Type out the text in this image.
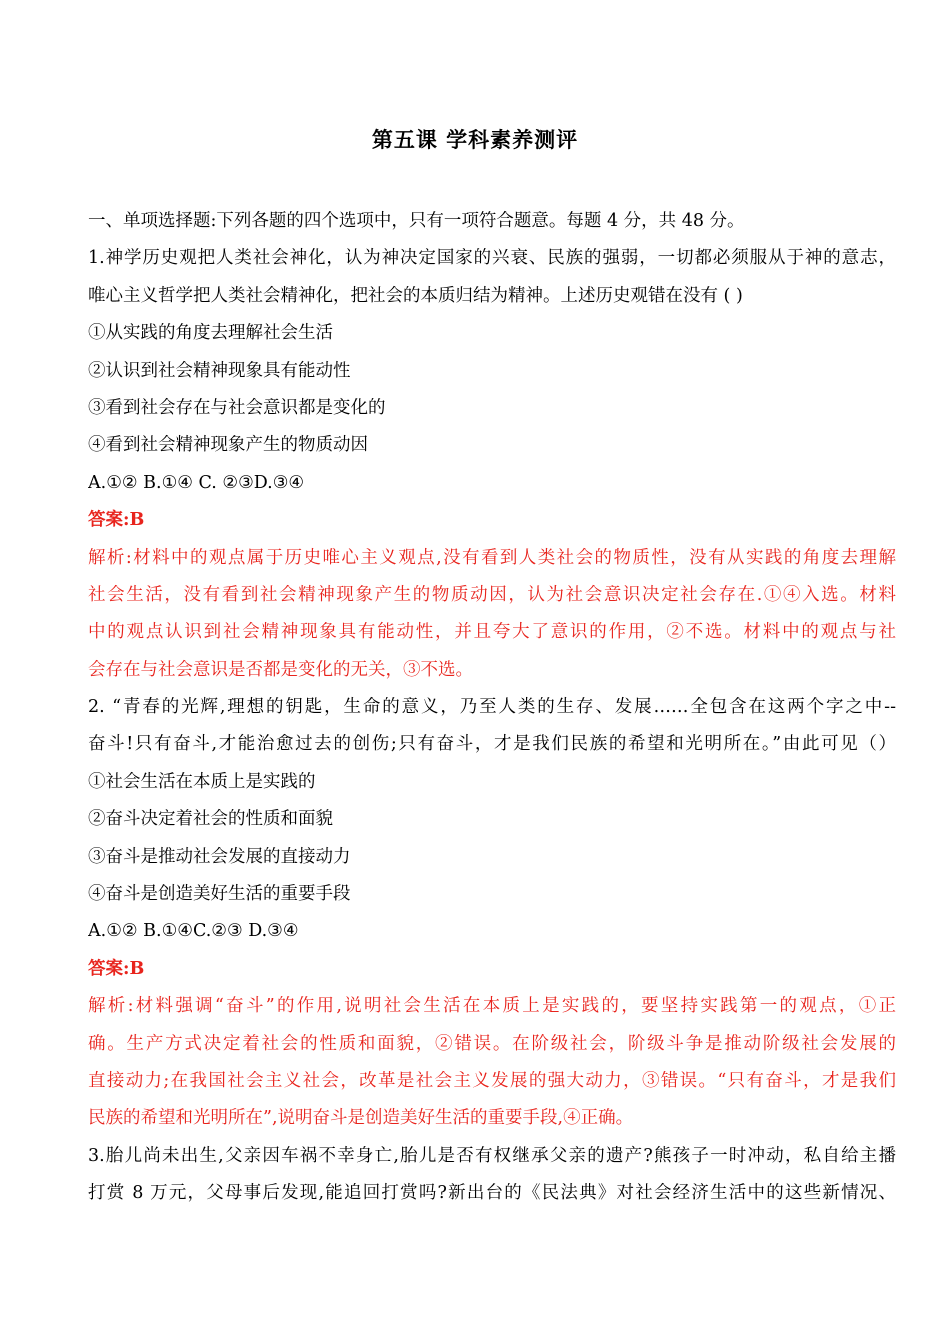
第五课 学科素养测评
一、单项选择题:下列各题的四个选项中，只有一项符合题意。每题 4 分，共 48 分。
1.神学历史观把人类社会神化，认为神决定国家的兴衰、民族的强弱，一切都必须服从于神的意志，
唯心主义哲学把人类社会精神化，把社会的本质归结为精神。上述历史观错在没有 ( )
①从实践的角度去理解社会生活
②认识到社会精神现象具有能动性
③看到社会存在与社会意识都是变化的
④看到社会精神现象产生的物质动因
A.①② B.①④ C. ②③D.③④
答案:B
解析:材料中的观点属于历史唯心主义观点,没有看到人类社会的物质性，没有从实践的角度去理解
社会生活，没有看到社会精神现象产生的物质动因，认为社会意识决定社会存在.①④入选。材料
中的观点认识到社会精神现象具有能动性，并且夸大了意识的作用，②不选。材料中的观点与社
会存在与社会意识是否都是变化的无关，③不选。
2. “青春的光辉,理想的钥匙，生命的意义，乃至人类的生存、发展……全包含在这两个字之中--
奋斗!只有奋斗,才能治愈过去的创伤;只有奋斗，才是我们民族的希望和光明所在。”由此可见（）
①社会生活在本质上是实践的
②奋斗决定着社会的性质和面貌
③奋斗是推动社会发展的直接动力
④奋斗是创造美好生活的重要手段
A.①② B.①④C.②③ D.③④
答案:B
解析:材料强调“奋斗”的作用,说明社会生活在本质上是实践的，要坚持实践第一的观点，①正
确。生产方式决定着社会的性质和面貌，②错误。在阶级社会，阶级斗争是推动阶级社会发展的
直接动力;在我国社会主义社会，改革是社会主义发展的强大动力，③错误。“只有奋斗，才是我们
民族的希望和光明所在”,说明奋斗是创造美好生活的重要手段,④正确。
3.胎儿尚未出生,父亲因车祸不幸身亡,胎儿是否有权继承父亲的遗产?熊孩子一时冲动，私自给主播
打赏 8 万元，父母事后发现,能追回打赏吗?新出台的《民法典》对社会经济生活中的这些新情况、
